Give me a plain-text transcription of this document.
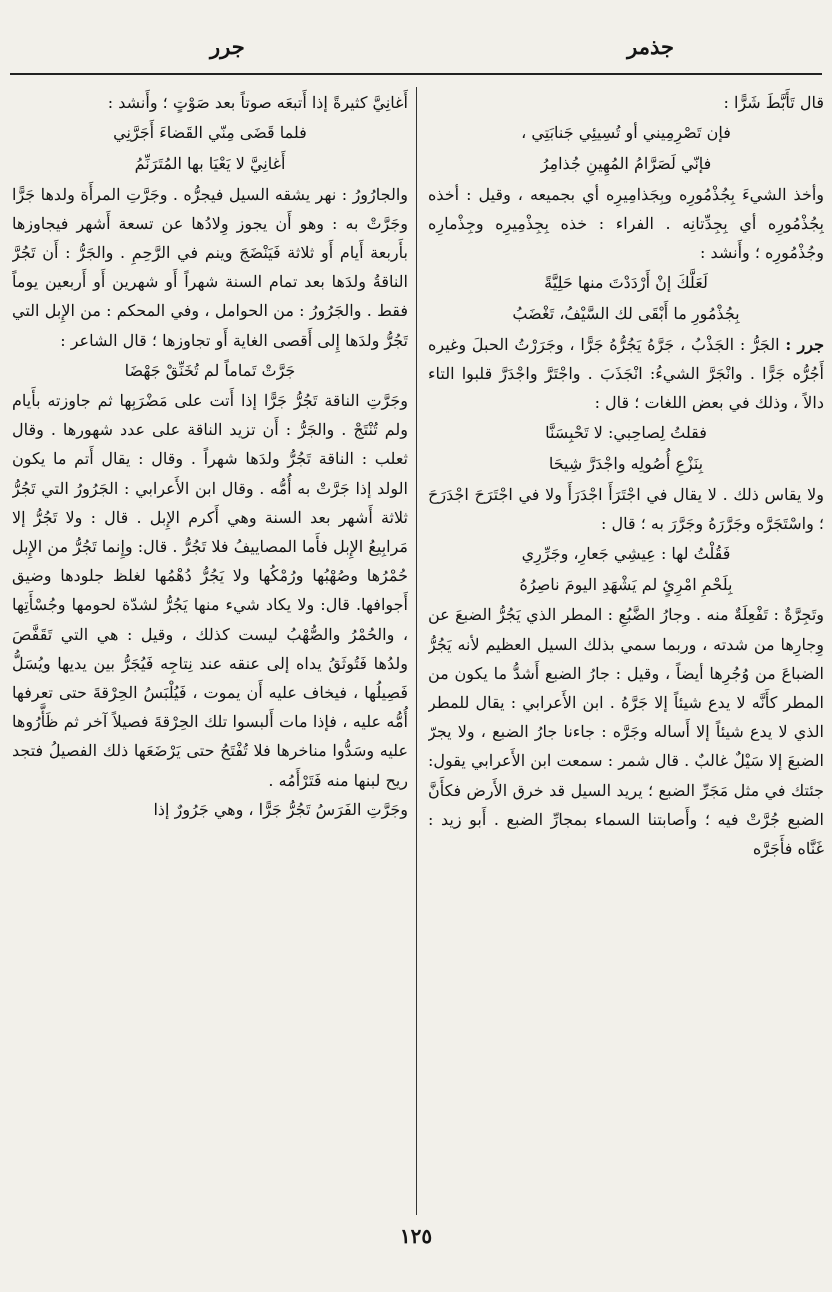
جذمر
جرر

قال تَأَبَّطَ شَرًّا :

فإن تَصْرِمِيني أو تُسِيئِي جَنابَتِي ،
فإنّي لَصَرَّامُ المُهِينِ جُذامِرُ

وأخذ الشيءَ بِجُذْمُورِه وبِجَذامِيرِه أي بجميعه ، وقيل : أخذه بِجُذْمُورِه أي بِجِدِّتانِه . الفراء : خذه بِجِذْمِيرِه وجِذْمارِه وجُذْمُورِه ؛ وأَنشد :

لَعَلَّكَ إنْ أَرْدَدْتَ منها حَلِيَّةً
بِجُذْمُورِ ما أَبْقَى لك السَّيْفُ، تَغْضَبُ

جرر : الجَرُّ : الجَذْبُ ، جَرَّهُ يَجُرُّهُ جَرًّا ، وجَرَرْتُ الحبلَ وغيره أَجُرُّه جَرًّا . وانْجَرَّ الشيءُ: انْجَذَبَ . واجْتَرَّ واجْدَرَّ قلبوا التاء دالاً ، وذلك في بعض اللغات ؛ قال :

فقلتُ لِصاحِبي: لا تَحْبِسَنَّا
بِنَزْعِ أُصُولِه واجْدَرَّ شِيحَا

ولا يقاس ذلك . لا يقال في اجْتَرَأَ اجْدَرَأَ ولا في اجْتَرَحَ اجْدَرَحَ ؛ واسْتَجَرَّه وجَرَّرَهُ وجَرَّرَ به ؛ قال :

فَقُلْتُ لها : عِيشِي جَعارِ، وجَرِّرِي
بِلَحْمِ امْرِئٍ لم يَشْهَدِ اليومَ ناصِرُهُ

وتَجِرَّةٌ : تَفْعِلَةٌ منه . وجارُ الضَّبُعِ : المطر الذي يَجُرُّ الضبعَ عن وِجارِها من شدته ، وربما سمي بذلك السيل العظيم لأنه يَجُرُّ الضباعَ من وُجُرِها أيضاً ، وقيل : جارُ الضبع أَشدُّ ما يكون من المطر كأَنَّه لا يدع شيئاً إلا جَرَّهُ . ابن الأَعرابي : يقال للمطر الذي لا يدع شيئاً إلا أَساله وجَرَّه : جاءنا جارُ الضبع ، ولا يجرّ الضبعَ إلا سَيْلٌ غالبٌ . قال شمر : سمعت ابن الأَعرابي يقول: جئتك في مثل مَجَرِّ الضبع ؛ يريد السيل قد خرق الأَرض فكأَنَّ الضبع جُرَّتْ فيه ؛ وأَصابتنا السماء بمجارِّ الضبع . أَبو زيد : غَنَّاه فأَجَرَّه

أَغانِيَّ كثيرةً إذا أَتبعَه صوتاً بعد صَوْتٍ ؛ وأَنشد :

فلما قَضَى مِنّي القَضاءَ أَجَرَّنِي
أَغانِيَّ لا يَعْيَا بها المُتَرَنِّمُ

والجارُورُ : نهر يشقه السيل فيجرُّه . وجَرَّتِ المرأَة ولدها جَرًّا وجَرَّتْ به : وهو أَن يجوز وِلادُها عن تسعة أَشهر فيجاوزها بأَربعة أَيام أَو ثلاثة فَيَنْضَجَ وينم في الرَّحِمِ . والجَرُّ : أَن تَجُرَّ الناقةُ ولدَها بعد تمام السنة شهراً أَو شهرين أَو أَربعين يوماً فقط . والجَرُورُ : من الحوامل ، وفي المحكم : من الإِبل التي تَجُرُّ ولدَها إِلى أَقصى الغاية أَو تجاوزها ؛ قال الشاعر :

جَرَّتْ تَماماً لم تُخَنِّقْ جَهْضَا

وجَرَّتِ الناقة تَجُرُّ جَرًّا إذا أَتت على مَضْرَبِها ثم جاوزته بأَيام ولم تُنْتَجْ . والجَرُّ : أَن تزيد الناقة على عدد شهورها . وقال ثعلب : الناقة تَجُرُّ ولدَها شهراً . وقال : يقال أَتم ما يكون الولد إذا جَرَّتْ به أُمُّه . وقال ابن الأَعرابي : الجَرُورُ التي تَجُرُّ ثلاثة أَشهر بعد السنة وهي أَكرم الإِبل . قال : ولا تَجُرُّ إلا مَرابِيعُ الإِبل فأَما المصاييفُ فلا تَجُرُّ . قال: وإِنما تَجُرُّ من الإِبل حُمْرُها وصُهْبُها ورُمْكُها ولا يَجُرُّ دُهْمُها لغلظ جلودها وضيق أَجوافها. قال: ولا يكاد شيء منها يَجُرُّ لشدّة لحومها وجُسْأَتِها ، والحُمْرُ والصُّهْبُ ليست كذلك ، وقيل : هي التي تَقَفَّصَ ولدُها فَتُوثَقُ يداه إلى عنقه عند نِتاجِه فَيُجَرُّ بين يديها ويُسَلُّ فَصِيلُها ، فيخاف عليه أَن يموت ، فَيُلْبَسُ الحِرْقةَ حتى تعرفها أُمُّه عليه ، فإذا مات أَلبسوا تلك الحِرْقةَ فصيلاً آخر ثم ظَأَّرُوها عليه وسَدُّوا مناخرها فلا تُفْتَحُ حتى يَرْضَعَها ذلك الفصيلُ فتجد ريح لبنها منه فَتَرْأَمُه .

وجَرَّتِ الفَرَسُ تَجُرُّ جَرًّا ، وهي جَرُورٌ إذا

١٢٥
